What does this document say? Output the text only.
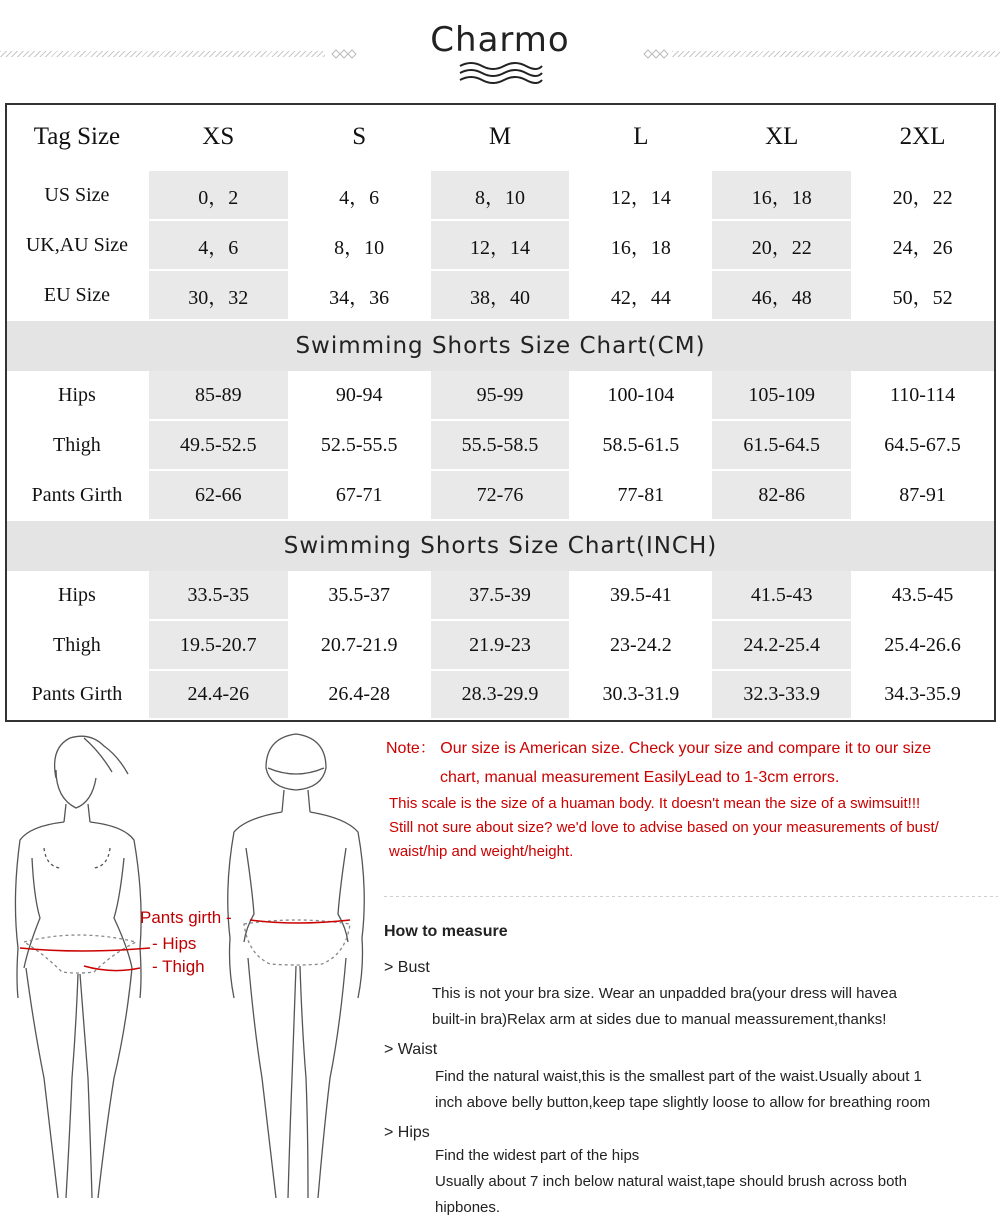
Charmo
Tag Size	XS	S	M	L	XL	2XL
US Size	0，2	4，6	8，10	12，14	16，18	20，22
UK,AU Size	4，6	8，10	12，14	16，18	20，22	24，26
EU Size	30，32	34，36	38，40	42，44	46，48	50，52
Swimming Shorts Size Chart(CM)
Hips	85-89	90-94	95-99	100-104	105-109	110-114
Thigh	49.5-52.5	52.5-55.5	55.5-58.5	58.5-61.5	61.5-64.5	64.5-67.5
Pants Girth	62-66	67-71	72-76	77-81	82-86	87-91
Swimming Shorts Size Chart(INCH)
Hips	33.5-35	35.5-37	37.5-39	39.5-41	41.5-43	43.5-45
Thigh	19.5-20.7	20.7-21.9	21.9-23	23-24.2	24.2-25.4	25.4-26.6
Pants Girth	24.4-26	26.4-28	28.3-29.9	30.3-31.9	32.3-33.9	34.3-35.9
Pants girth -
- Hips
- Thigh
Note： Our size is American size. Check your size and compare it to our size
chart, manual measurement EasilyLead to 1-3cm errors.
This scale is the size of a huaman body. It doesn't mean the size of a swimsuit!!!
Still not sure about size? we'd love to advise based on your measurements of bust/
waist/hip and weight/height.
How to measure
> Bust
This is not your bra size. Wear an unpadded bra(your dress will havea
built-in bra)Relax arm at sides due to manual meassurement,thanks!
> Waist
Find the natural waist,this is the smallest part of the waist.Usually about 1
inch above belly button,keep tape slightly loose to allow for breathing room
> Hips
Find the widest part of the hips
Usually about 7 inch below natural waist,tape should brush across both
hipbones.
